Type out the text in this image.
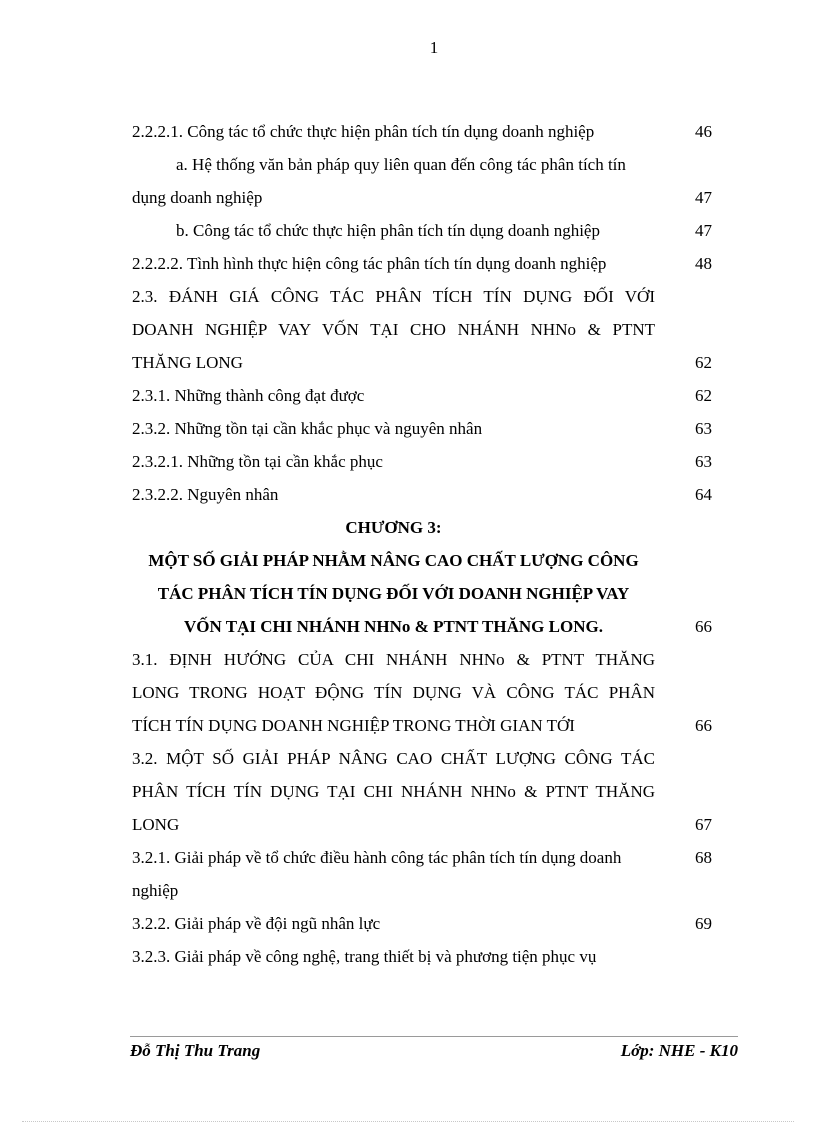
1
2.2.2.1. Công tác tổ chức thực hiện phân tích tín dụng doanh nghiệp	46
a. Hệ thống văn bản pháp quy liên quan đến công tác phân tích tín
dụng doanh nghiệp	47
b. Công tác tổ chức thực hiện phân tích tín dụng doanh nghiệp	47
2.2.2.2. Tình hình thực hiện công tác phân tích tín dụng doanh nghiệp	48
2.3. ĐÁNH GIÁ CÔNG TÁC PHÂN TÍCH TÍN DỤNG ĐỐI VỚI
DOANH NGHIỆP VAY VỐN TẠI CHO NHÁNH NHNo & PTNT
THĂNG LONG	62
2.3.1. Những thành công đạt được	62
2.3.2. Những tồn tại cần khắc phục và nguyên nhân	63
2.3.2.1. Những tồn tại cần khắc phục	63
2.3.2.2. Nguyên nhân	64
CHƯƠNG 3:
MỘT SỐ GIẢI PHÁP NHẰM NÂNG CAO CHẤT LƯỢNG CÔNG
TÁC PHÂN TÍCH TÍN DỤNG ĐỐI VỚI DOANH NGHIỆP VAY
VỐN TẠI CHI NHÁNH NHNo & PTNT THĂNG LONG.	66
3.1. ĐỊNH HƯỚNG CỦA CHI NHÁNH NHNo & PTNT THĂNG
LONG TRONG HOẠT ĐỘNG TÍN DỤNG VÀ CÔNG TÁC PHÂN
TÍCH TÍN DỤNG DOANH NGHIỆP TRONG THỜI GIAN TỚI	66
3.2. MỘT SỐ GIẢI PHÁP NÂNG CAO CHẤT LƯỢNG CÔNG TÁC
PHÂN TÍCH TÍN DỤNG TẠI CHI NHÁNH NHNo & PTNT THĂNG
LONG	67
3.2.1. Giải pháp về tổ chức điều hành công tác phân tích tín dụng doanh	68
nghiệp
3.2.2. Giải pháp về đội ngũ nhân lực	69
3.2.3. Giải pháp về công nghệ, trang thiết bị và phương tiện phục vụ
Đỗ Thị Thu Trang	Lớp: NHE - K10
